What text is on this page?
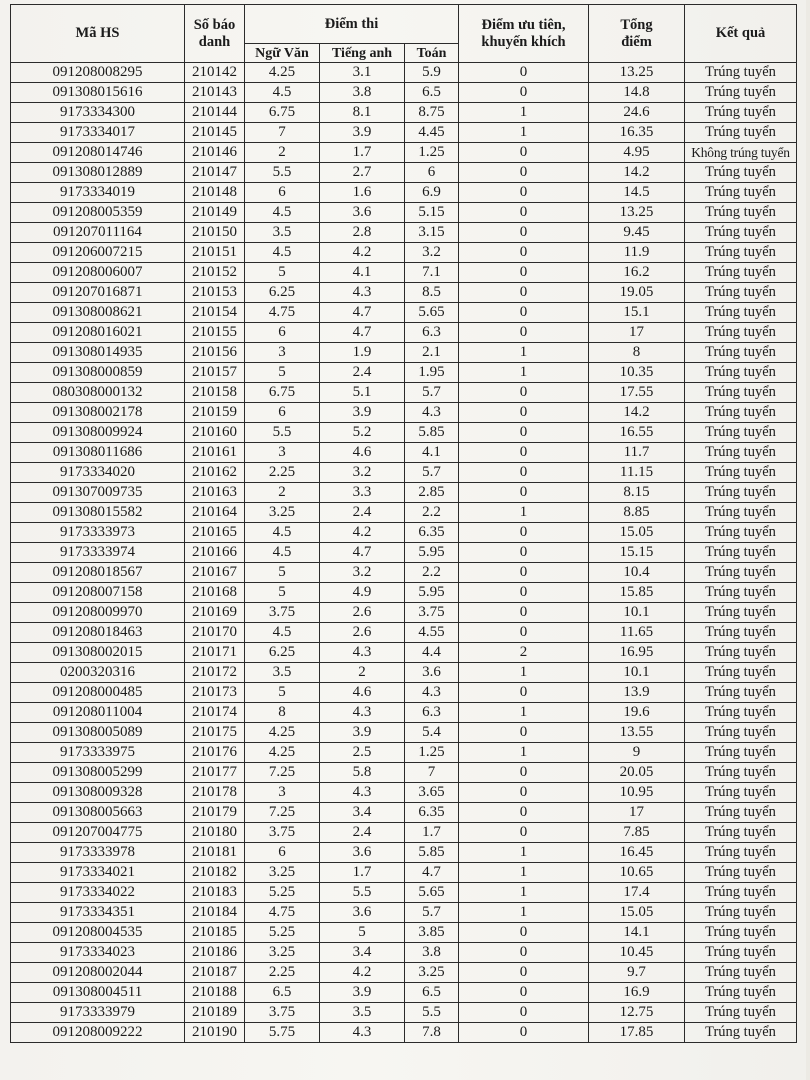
Mã HS	Số báo danh	Điểm thi			Điểm ưu tiên, khuyến khích	Tổng điểm	Kết quả
		Ngữ Văn	Tiếng anh	Toán			
091208008295	210142	4.25	3.1	5.9	0	13.25	Trúng tuyển
091308015616	210143	4.5	3.8	6.5	0	14.8	Trúng tuyển
9173334300	210144	6.75	8.1	8.75	1	24.6	Trúng tuyển
9173334017	210145	7	3.9	4.45	1	16.35	Trúng tuyển
091208014746	210146	2	1.7	1.25	0	4.95	Không trúng tuyển
091308012889	210147	5.5	2.7	6	0	14.2	Trúng tuyển
9173334019	210148	6	1.6	6.9	0	14.5	Trúng tuyển
091208005359	210149	4.5	3.6	5.15	0	13.25	Trúng tuyển
091207011164	210150	3.5	2.8	3.15	0	9.45	Trúng tuyển
091206007215	210151	4.5	4.2	3.2	0	11.9	Trúng tuyển
091208006007	210152	5	4.1	7.1	0	16.2	Trúng tuyển
091207016871	210153	6.25	4.3	8.5	0	19.05	Trúng tuyển
091308008621	210154	4.75	4.7	5.65	0	15.1	Trúng tuyển
091208016021	210155	6	4.7	6.3	0	17	Trúng tuyển
091308014935	210156	3	1.9	2.1	1	8	Trúng tuyển
091308000859	210157	5	2.4	1.95	1	10.35	Trúng tuyển
080308000132	210158	6.75	5.1	5.7	0	17.55	Trúng tuyển
091308002178	210159	6	3.9	4.3	0	14.2	Trúng tuyển
091308009924	210160	5.5	5.2	5.85	0	16.55	Trúng tuyển
091308011686	210161	3	4.6	4.1	0	11.7	Trúng tuyển
9173334020	210162	2.25	3.2	5.7	0	11.15	Trúng tuyển
091307009735	210163	2	3.3	2.85	0	8.15	Trúng tuyển
091308015582	210164	3.25	2.4	2.2	1	8.85	Trúng tuyển
9173333973	210165	4.5	4.2	6.35	0	15.05	Trúng tuyển
9173333974	210166	4.5	4.7	5.95	0	15.15	Trúng tuyển
091208018567	210167	5	3.2	2.2	0	10.4	Trúng tuyển
091208007158	210168	5	4.9	5.95	0	15.85	Trúng tuyển
091208009970	210169	3.75	2.6	3.75	0	10.1	Trúng tuyển
091208018463	210170	4.5	2.6	4.55	0	11.65	Trúng tuyển
091308002015	210171	6.25	4.3	4.4	2	16.95	Trúng tuyển
0200320316	210172	3.5	2	3.6	1	10.1	Trúng tuyển
091208000485	210173	5	4.6	4.3	0	13.9	Trúng tuyển
091208011004	210174	8	4.3	6.3	1	19.6	Trúng tuyển
091308005089	210175	4.25	3.9	5.4	0	13.55	Trúng tuyển
9173333975	210176	4.25	2.5	1.25	1	9	Trúng tuyển
091308005299	210177	7.25	5.8	7	0	20.05	Trúng tuyển
091308009328	210178	3	4.3	3.65	0	10.95	Trúng tuyển
091308005663	210179	7.25	3.4	6.35	0	17	Trúng tuyển
091207004775	210180	3.75	2.4	1.7	0	7.85	Trúng tuyển
9173333978	210181	6	3.6	5.85	1	16.45	Trúng tuyển
9173334021	210182	3.25	1.7	4.7	1	10.65	Trúng tuyển
9173334022	210183	5.25	5.5	5.65	1	17.4	Trúng tuyển
9173334351	210184	4.75	3.6	5.7	1	15.05	Trúng tuyển
091208004535	210185	5.25	5	3.85	0	14.1	Trúng tuyển
9173334023	210186	3.25	3.4	3.8	0	10.45	Trúng tuyển
091208002044	210187	2.25	4.2	3.25	0	9.7	Trúng tuyển
091308004511	210188	6.5	3.9	6.5	0	16.9	Trúng tuyển
9173333979	210189	3.75	3.5	5.5	0	12.75	Trúng tuyển
091208009222	210190	5.75	4.3	7.8	0	17.85	Trúng tuyển
